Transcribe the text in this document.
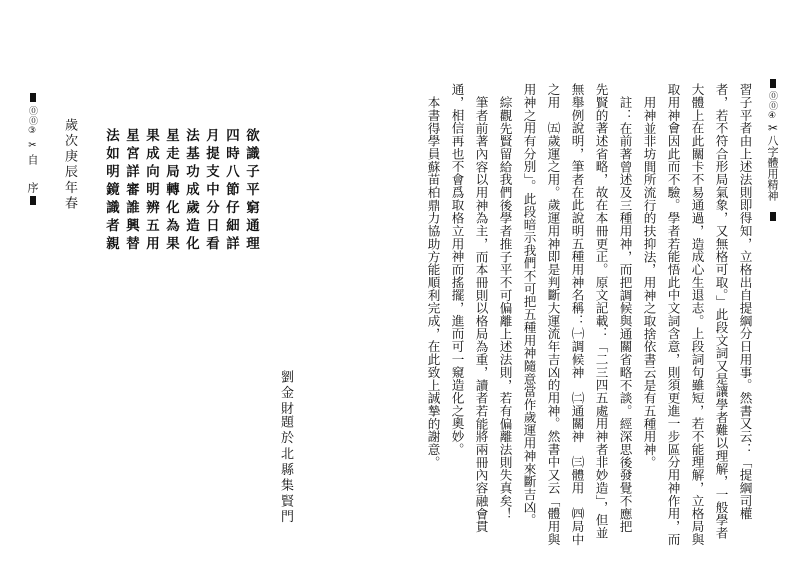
⓪⓪④
✂
八字體用精神
習子平者由上述法則即得知，立格出自提綱分日用事。然書又云：「提綱司權
者，若不符合形局氣象，又無格可取。」此段文詞又是讓學者難以理解，一般學者
大體上在此關卡不易通過，造成心生退志。上段詞句雖短，若不能理解，立格局與
取用神會因此而不驗。學者若能悟此中文詞含意，則須更進一步區分用神作用，而
用神並非坊間所流行的扶抑法，用神之取捨依書云是有五種用神。
註：在前著曾述及三種用神，而把調候與通關省略不談。經深思後發覺不應把
先賢的著述省略，故在本冊更正。原文記載：「二三四五處用神者非妙造」，但並
無舉例說明，筆者在此說明五種用神名稱：㈠調候神　㈡通關神　㈢體用　㈣局中
之用　㈤歲運之用。歲運用神即是判斷大運流年吉凶的用神。然書中又云「體用與
用神之用有分別」。此段暗示我們不可把五種用神隨意當作歲運用神來斷吉凶。
綜觀先賢留給我們後學者推子平不可偏離上述法則，若有偏離法則失真矣！
筆者前著內容以用神為主，而本冊則以格局為重，讀者若能將兩冊內容融會貫
通，相信再也不會爲取格立用神而搖擺，進而可一窺造化之奧妙。
本書得學員蘇苗柏鼎力協助方能順利完成，在此致上誠摯的謝意。
題於北縣集賢門
劉金財
欲識子平窮通理
四時八節仔細詳
月提支中分日看
法基功成歲造化
星走局轉化為果
果成向明辨五用
星宮詳審誰興替
法如明鏡識者親
歲次庚辰年春
⓪⓪③
✂
自　序
